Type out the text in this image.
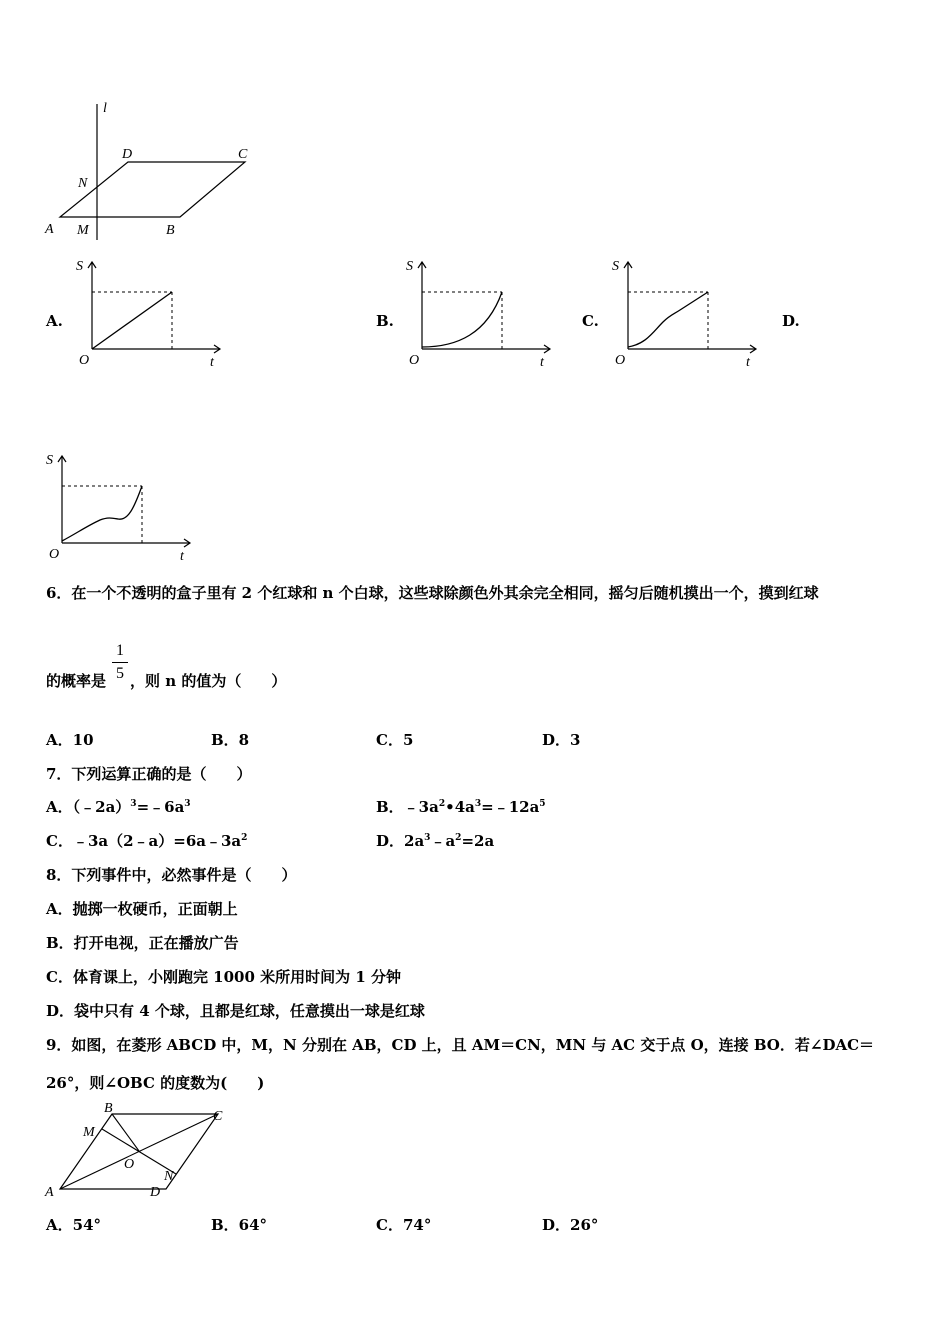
l
D	C
N
A M	B
A.	B.	C.	D.
S
t
O
S
t
O
S
t
O
S
t
O
6．在一个不透明的盒子里有 2 个红球和 n 个白球，这些球除颜色外其余完全相同，摇匀后随机摸出一个，摸到红球
的概率是
1
5 ，则 n 的值为（　　）
A．10	B．8	C．5	D．3
7．下列运算正确的是（　　）
A．$(﹣2a)^3=﹣6a^3$	B．$﹣3a^2•4a^3=﹣12a^5$
C．$﹣3a(2﹣a)=6a﹣3a^2$	D．$2a^3﹣a^2=2a$
8．下列事件中，必然事件是（　　）
A．抛掷一枚硬币，正面朝上
B．打开电视，正在播放广告
C．体育课上，小刚跑完 1000 米所用时间为 1 分钟
D．袋中只有 4 个球，且都是红球，任意摸出一球是红球
9．如图，在菱形 ABCD 中，M，N 分别在 AB，CD 上，且 AM＝CN，MN 与 AC 交于点 O，连接 BO．若∠DAC＝
26°，则∠OBC 的度数为(　　)
A
B
C
D
M
N
O
A．54°	B．64°	C．74°	D．26°
